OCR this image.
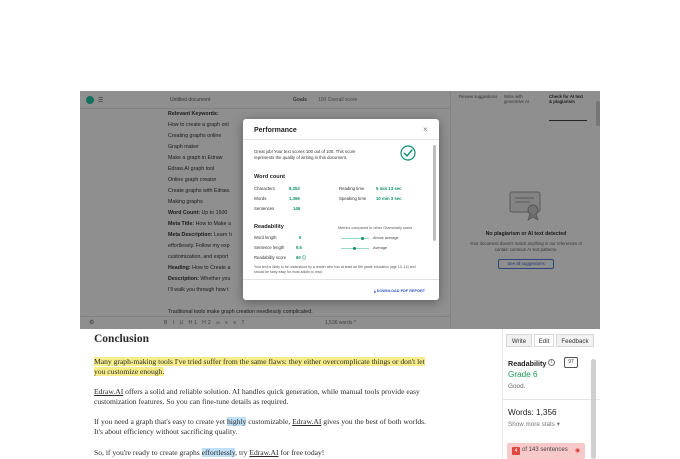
☰	Untitled document	Goals 100 Overall score
Relevant Keywords:
How to create a graph onl
Creating graphs online
Graph maker
Make a graph in Edraw
Edraw.AI graph tool
Online graph creator
Create graphs with Edraw.
Making graphs
Word Count: Up to 1500
Meta Title: How to Make a
Meta Description: Learn h
effortlessly. Follow my exp
customization, and export
Heading: How to Create a
Description: Whether you
I'll walk you through how t
Traditional tools make graph creation needlessly complicated.
⚙	B I U H1 H2 ∞ ≡ ≡ T	1,536 words ^
Review suggestions	Write with generative AI
Check for AI text & plagiarism
No plagiarism or AI text detected
Your document doesn't match anything in our references or contain common AI text patterns.
See all suggestions
Performance	×
Great job! Your text scores 100 out of 100. This score represents the quality of writing in this document.
Word count
Characters	8,253
Words	1,356
Sentences	146
Reading time	5 min 13 sec
Speaking time 10 min 3 sec
Readability	Metrics compared to other Grammarly users
Word length	5	Above average
Sentence length	9.6	Average
Readability score 60 ⓘ
Your text is likely to be understood by a reader who has at least an 8th grade education (age 13–14) and should be fairly easy for most adults to read.
⤓ DOWNLOAD PDF REPORT
Conclusion
Many graph-making tools I've tried suffer from the same flaws: they either overcomplicate things or don't let you customize enough.
Edraw.AI offers a solid and reliable solution. AI handles quick generation, while manual tools provide easy customization features. So you can fine-tune details as required.
If you need a graph that's easy to create yet highly customizable, Edraw.AI gives you the best of both worlds. It's about efficiency without sacrificing quality.
So, if you're ready to create graphs effortlessly, try Edraw.AI for free today!
Write	Edit	Feedback
Readability i	97
Grade 6
Good.
Words: 1,356
Show more stats ▾
4 of 143 sentences ◉
